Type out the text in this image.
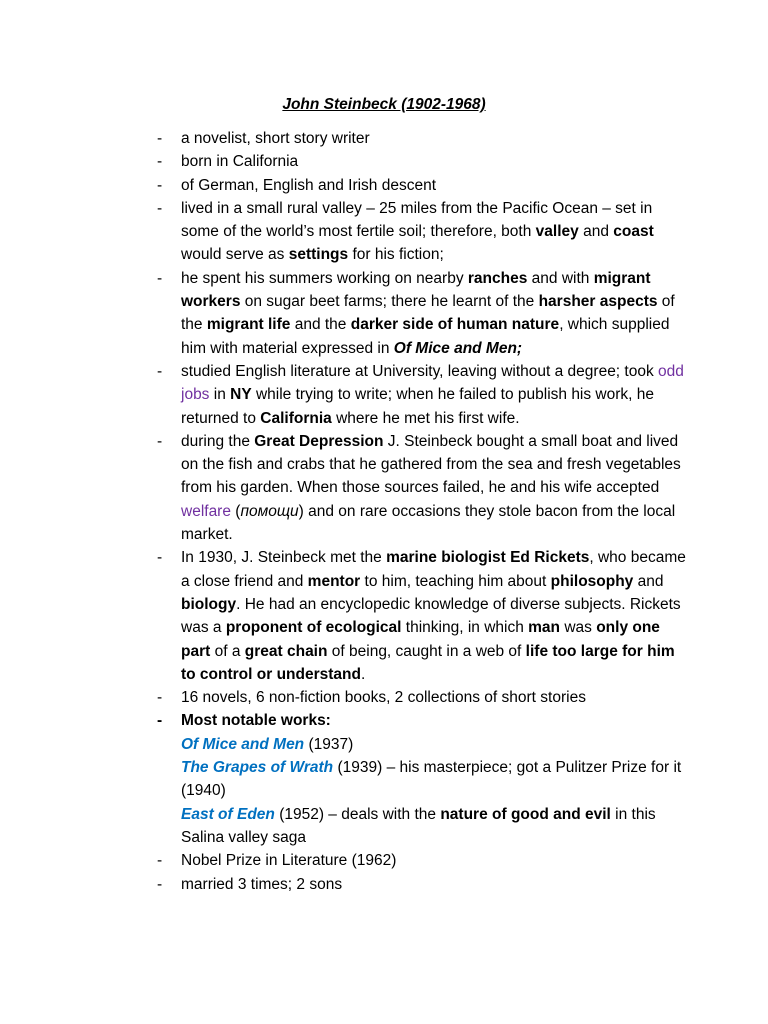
John Steinbeck (1902-1968)
- a novelist, short story writer
- born in California
- of German, English and Irish descent
- lived in a small rural valley – 25 miles from the Pacific Ocean – set in some of the world’s most fertile soil; therefore, both valley and coast would serve as settings for his fiction;
- he spent his summers working on nearby ranches and with migrant workers on sugar beet farms; there he learnt of the harsher aspects of the migrant life and the darker side of human nature, which supplied him with material expressed in Of Mice and Men;
- studied English literature at University, leaving without a degree; took odd jobs in NY while trying to write; when he failed to publish his work, he returned to California where he met his first wife.
- during the Great Depression J. Steinbeck bought a small boat and lived on the fish and crabs that he gathered from the sea and fresh vegetables from his garden. When those sources failed, he and his wife accepted welfare (помощи) and on rare occasions they stole bacon from the local market.
- In 1930, J. Steinbeck met the marine biologist Ed Rickets, who became a close friend and mentor to him, teaching him about philosophy and biology. He had an encyclopedic knowledge of diverse subjects. Rickets was a proponent of ecological thinking, in which man was only one part of a great chain of being, caught in a web of life too large for him to control or understand.
- 16 novels, 6 non-fiction books, 2 collections of short stories
- Most notable works:
Of Mice and Men (1937)
The Grapes of Wrath (1939) – his masterpiece; got a Pulitzer Prize for it (1940)
East of Eden (1952) – deals with the nature of good and evil in this Salina valley saga
- Nobel Prize in Literature (1962)
- married 3 times; 2 sons
